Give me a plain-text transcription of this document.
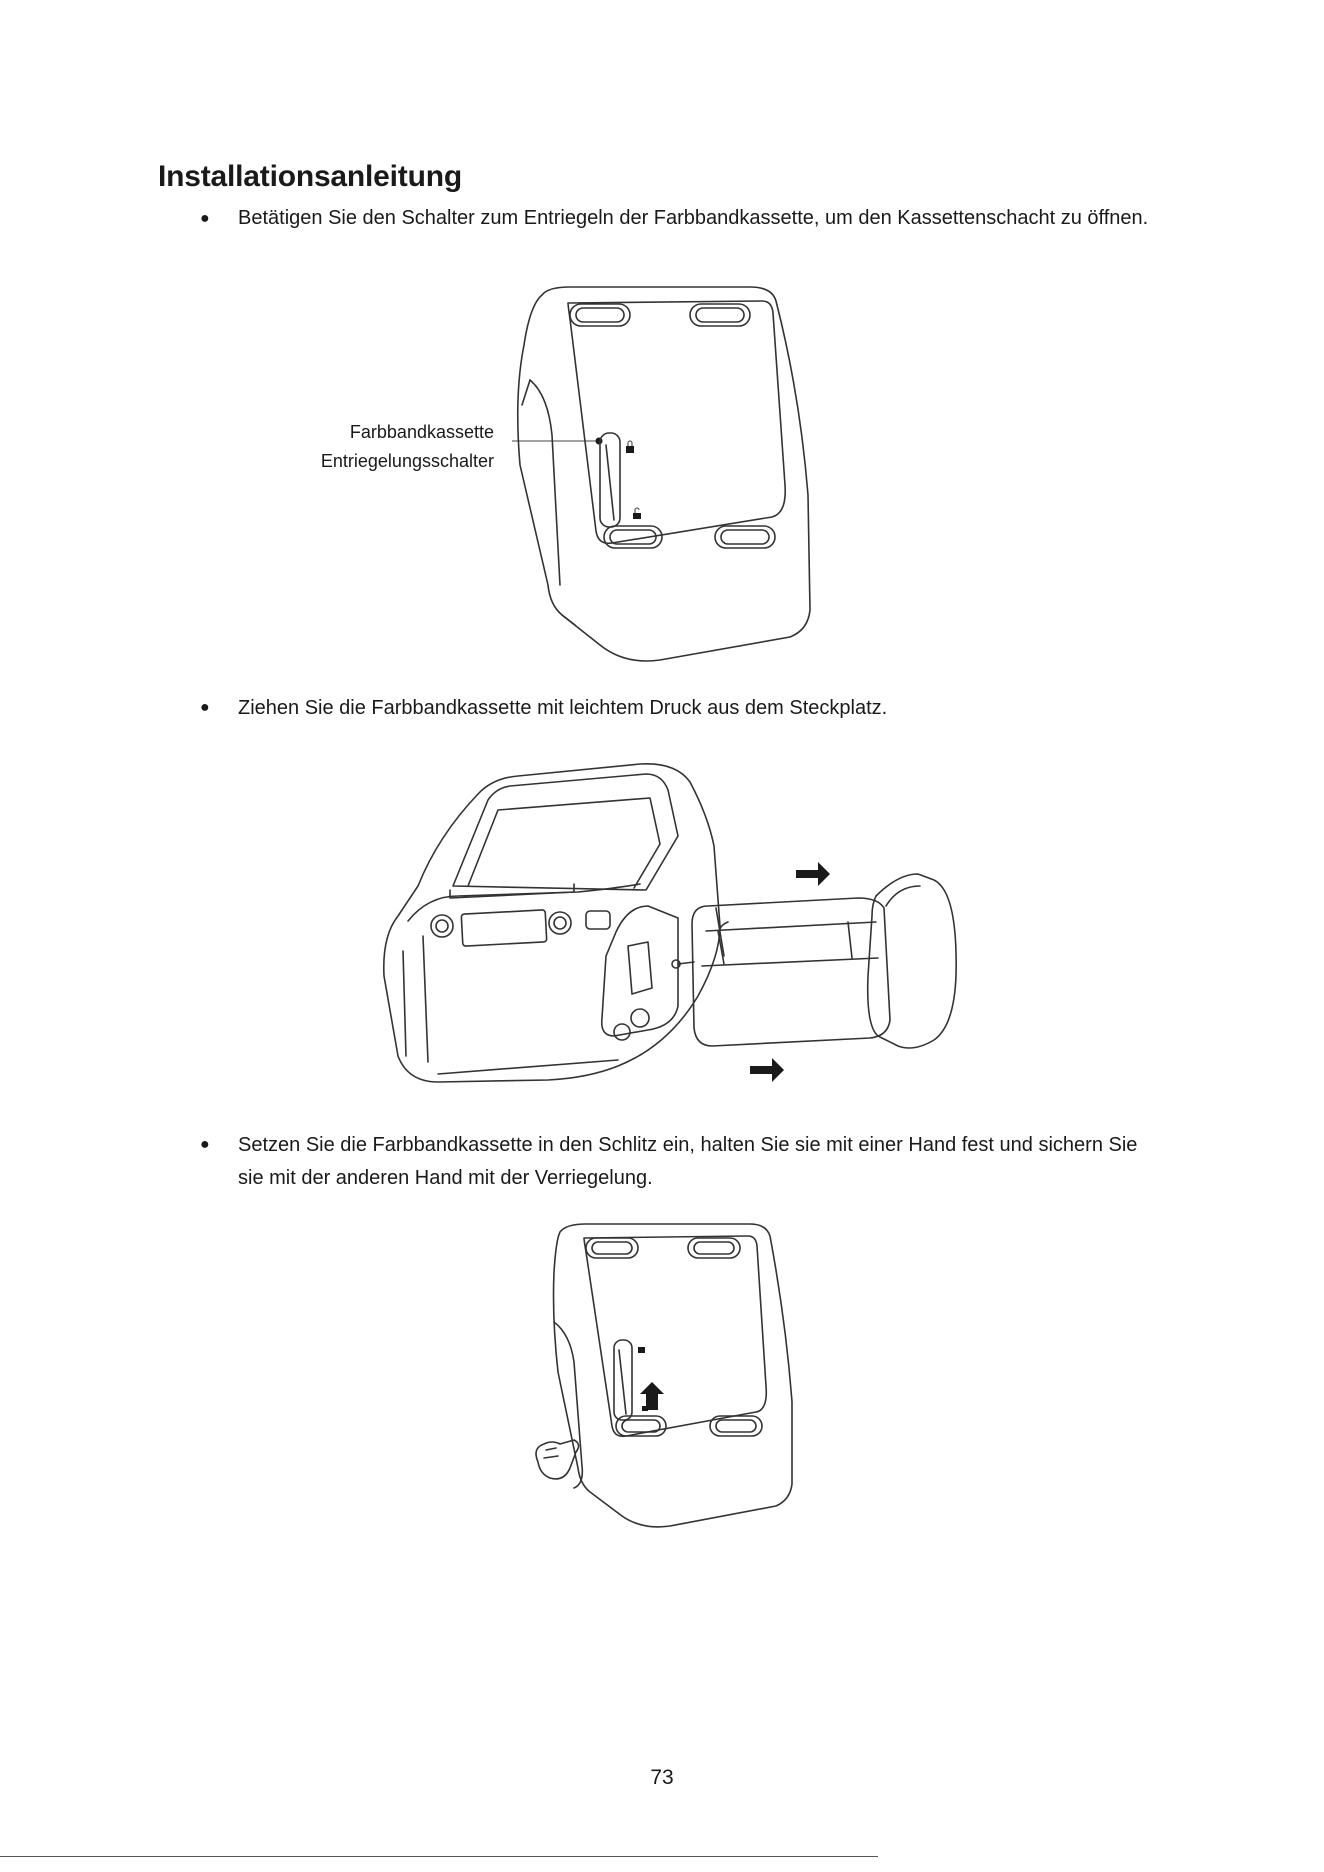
Installationsanleitung
● Betätigen Sie den Schalter zum Entriegeln der Farbbandkassette, um den Kassettenschacht zu öffnen.

Farbbandkassette
Entriegelungsschalter
● Ziehen Sie die Farbbandkassette mit leichtem Druck aus dem Steckplatz.

● Setzen Sie die Farbbandkassette in den Schlitz ein, halten Sie sie mit einer Hand fest und sichern Sie sie mit der anderen Hand mit der Verriegelung.

73
